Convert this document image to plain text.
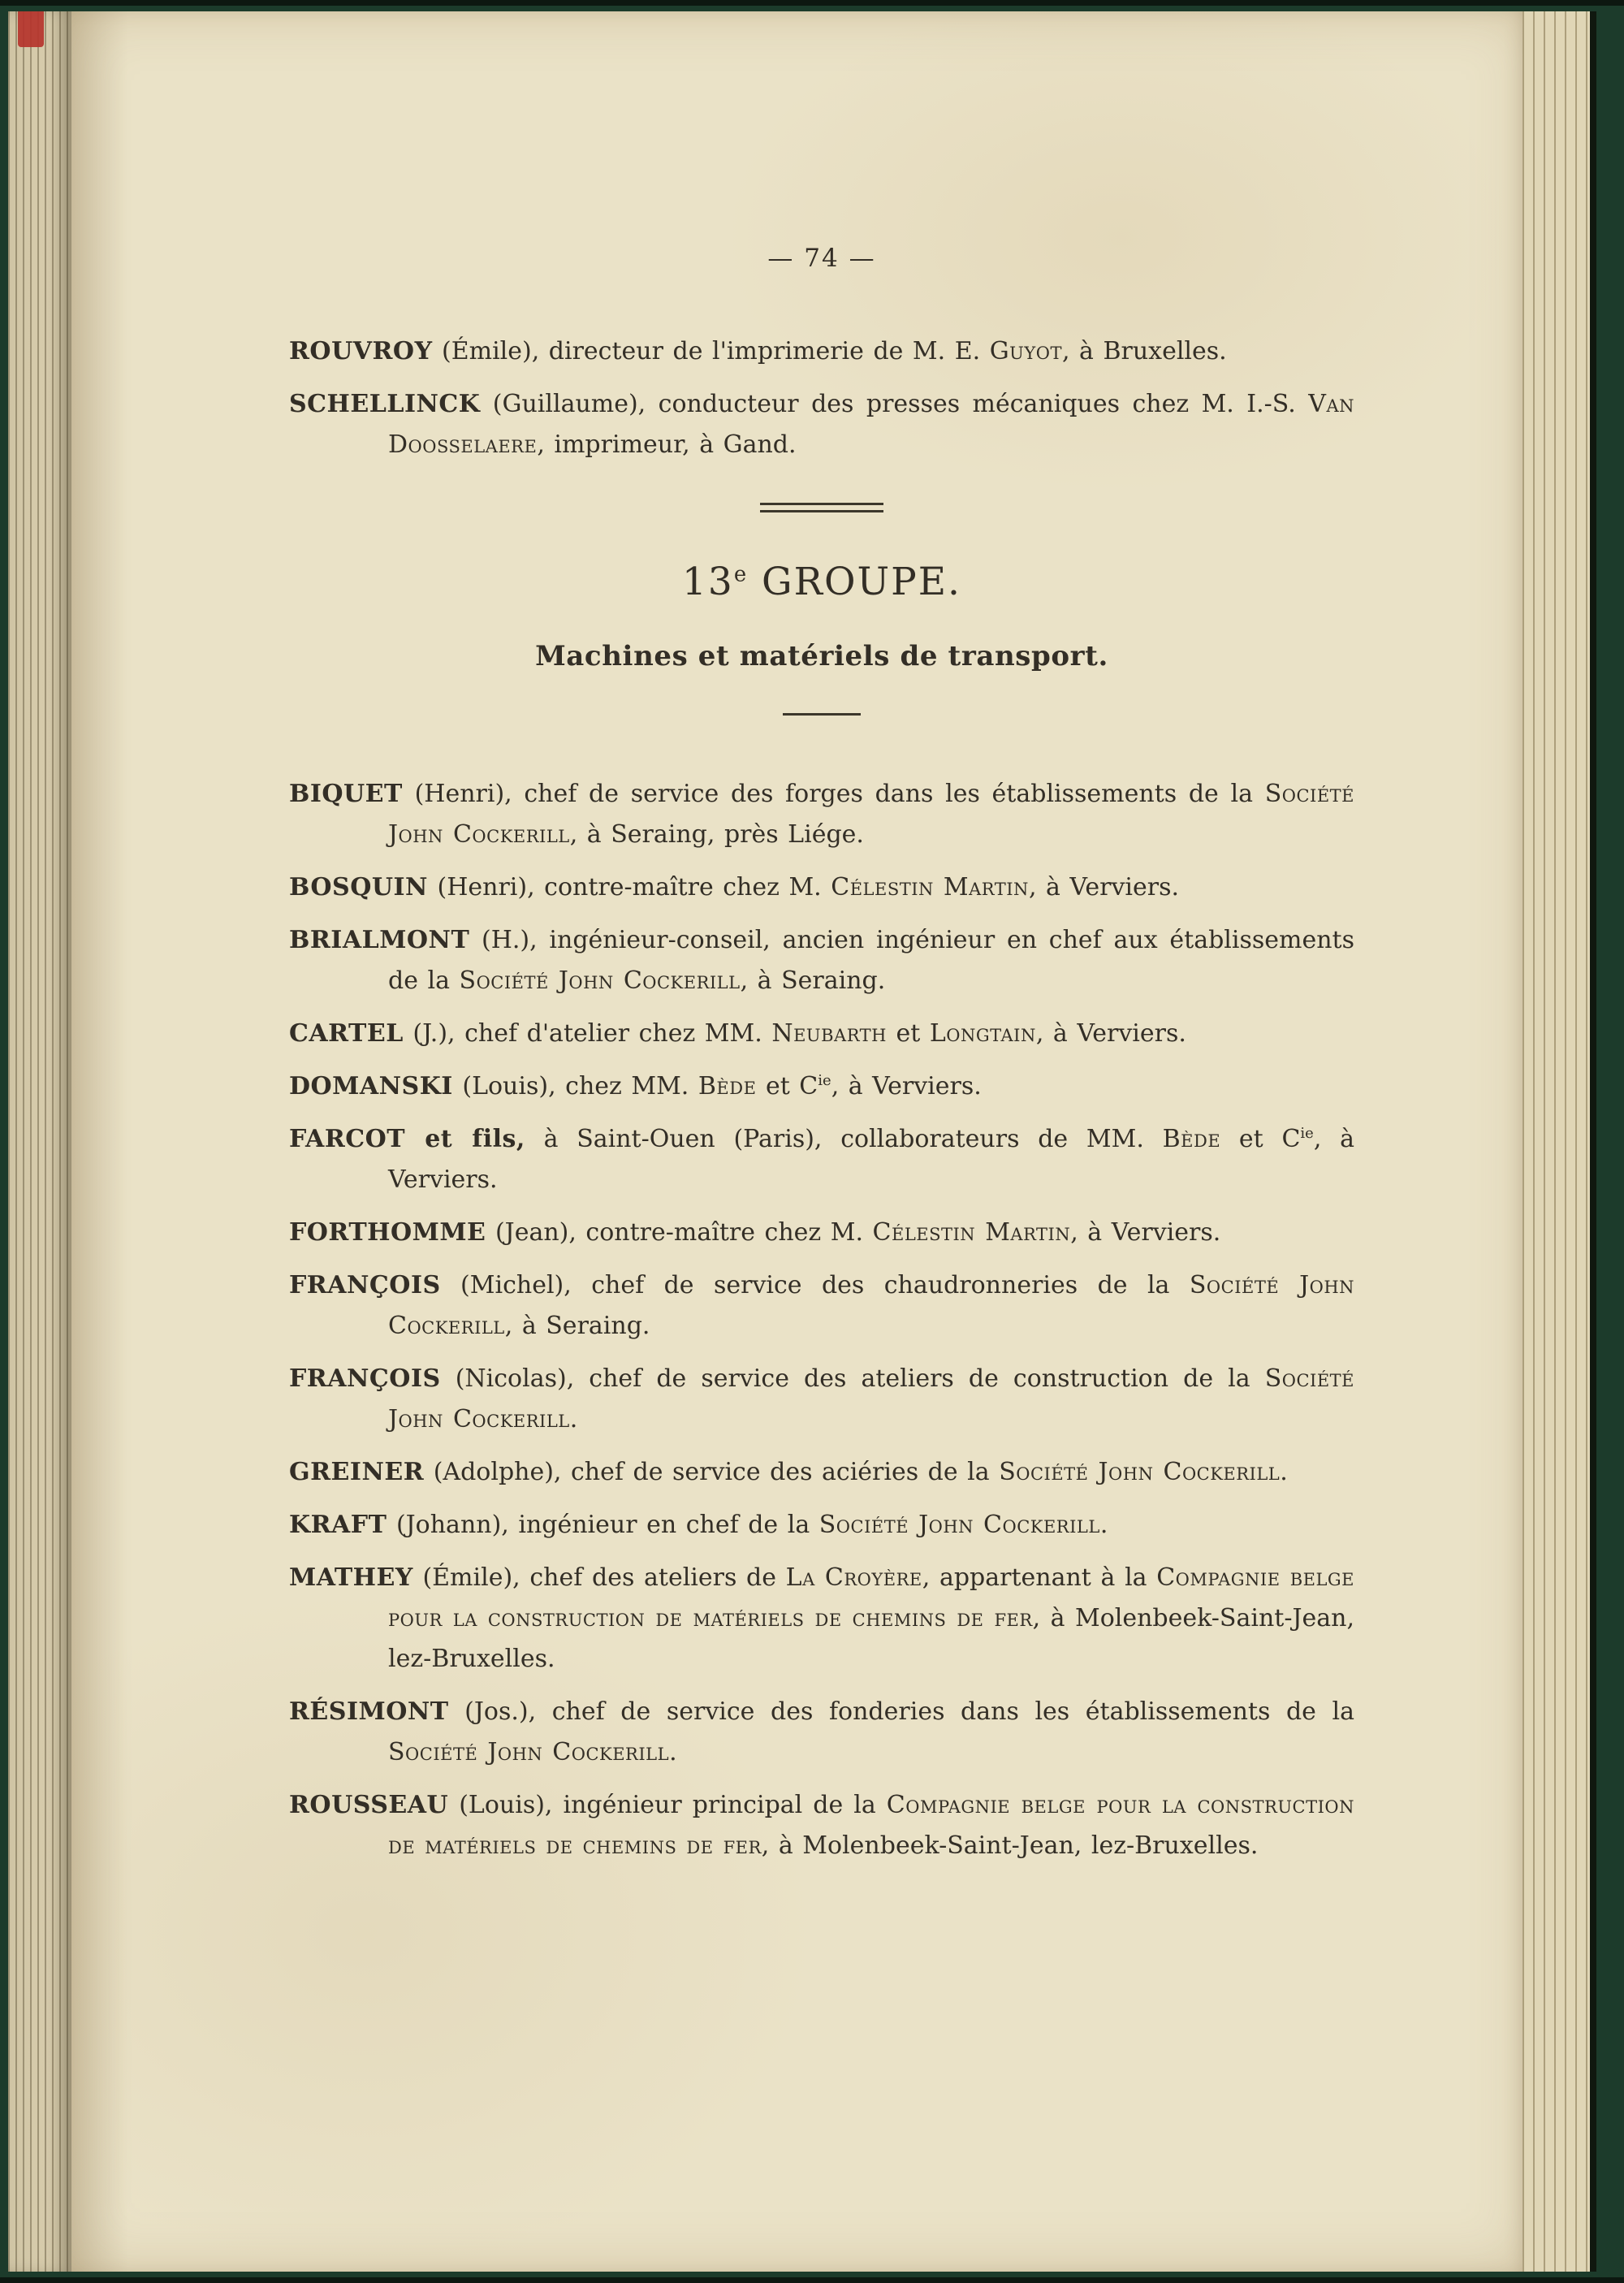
— 74 —

ROUVROY (Émile), directeur de l'imprimerie de M. E. Guyot, à Bruxelles.

SCHELLINCK (Guillaume), conducteur des presses mécaniques chez M. I.-S. Van Doosselaere, imprimeur, à Gand.

13e GROUPE.
Machines et matériels de transport.

BIQUET (Henri), chef de service des forges dans les établissements de la Société John Cockerill, à Seraing, près Liége.

BOSQUIN (Henri), contre-maître chez M. Célestin Martin, à Verviers.

BRIALMONT (H.), ingénieur-conseil, ancien ingénieur en chef aux établissements de la Société John Cockerill, à Seraing.

CARTEL (J.), chef d'atelier chez MM. Neubarth et Longtain, à Verviers.

DOMANSKI (Louis), chez MM. Bède et $C^{ie}$, à Verviers.

FARCOT et fils, à Saint-Ouen (Paris), collaborateurs de MM. Bède et $C^{ie}$, à Verviers.

FORTHOMME (Jean), contre-maître chez M. Célestin Martin, à Verviers.

FRANÇOIS (Michel), chef de service des chaudronneries de la Société John Cockerill, à Seraing.

FRANÇOIS (Nicolas), chef de service des ateliers de construction de la Société John Cockerill.

GREINER (Adolphe), chef de service des aciéries de la Société John Cockerill.

KRAFT (Johann), ingénieur en chef de la Société John Cockerill.

MATHEY (Émile), chef des ateliers de La Croyère, appartenant à la Compagnie belge pour la construction de matériels de chemins de fer, à Molenbeek-Saint-Jean, lez-Bruxelles.

RÉSIMONT (Jos.), chef de service des fonderies dans les établissements de la Société John Cockerill.

ROUSSEAU (Louis), ingénieur principal de la Compagnie belge pour la construction de matériels de chemins de fer, à Molenbeek-Saint-Jean, lez-Bruxelles.
